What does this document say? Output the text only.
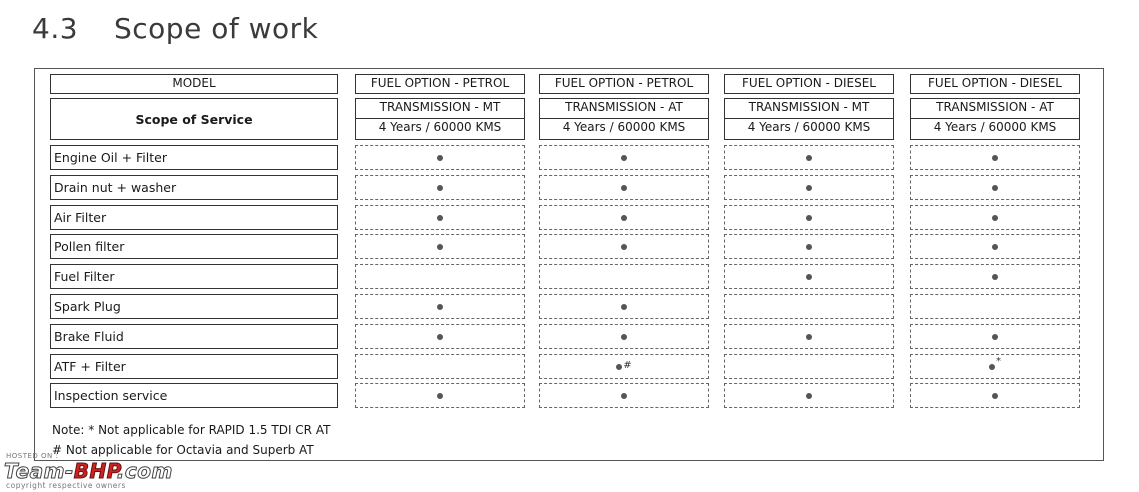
4.3 Scope of work
MODEL
Scope of Service
FUEL OPTION - PETROL
TRANSMISSION - MT
4 Years / 60000 KMS
FUEL OPTION - PETROL
TRANSMISSION - AT
4 Years / 60000 KMS
FUEL OPTION - DIESEL
TRANSMISSION - MT
4 Years / 60000 KMS
FUEL OPTION - DIESEL
TRANSMISSION - AT
4 Years / 60000 KMS
Engine Oil + Filter
Drain nut + washer
Air Filter
Pollen filter
Fuel Filter
Spark Plug
Brake Fluid
ATF + Filter	#	*
Inspection service
Note: * Not applicable for RAPID 1.5 TDI CR AT
# Not applicable for Octavia and Superb AT
HOSTED ON :
Team-BHP.com
copyright respective owners
